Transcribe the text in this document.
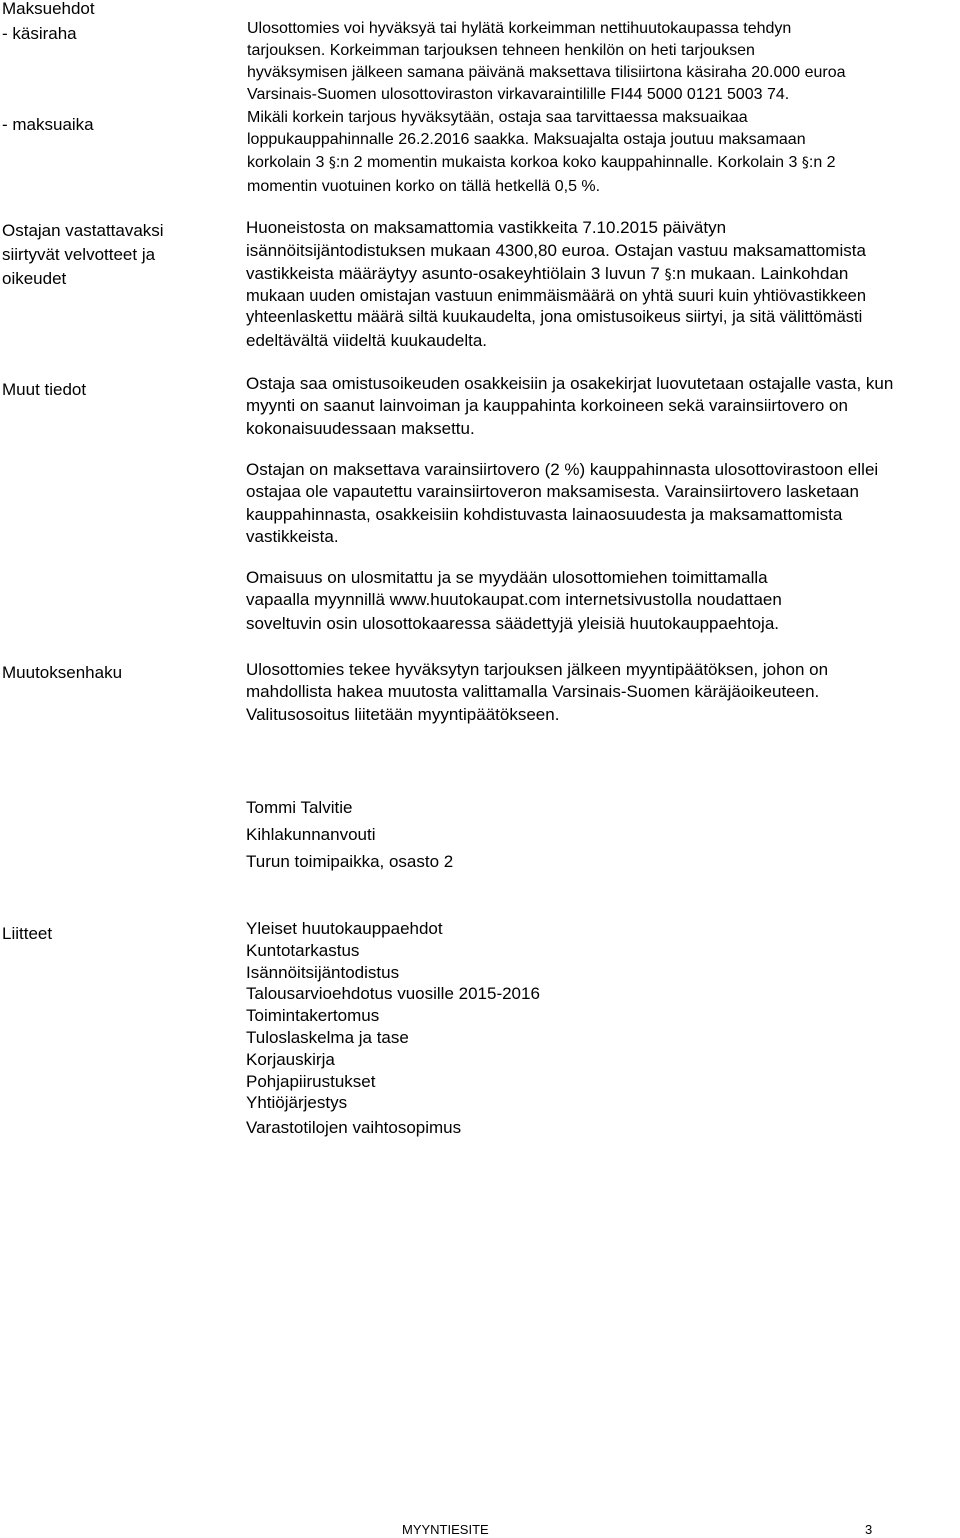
Maksuehdot
- käsiraha
- maksuaika
Ostajan vastattavaksi
siirtyvät velvotteet ja
oikeudet
Muut tiedot
Muutoksenhaku
Liitteet
Ulosottomies voi hyväksyä tai hylätä korkeimman nettihuutokaupassa tehdyn
tarjouksen. Korkeimman tarjouksen tehneen henkilön on heti tarjouksen
hyväksymisen jälkeen samana päivänä maksettava tilisiirtona käsiraha 20.000 euroa
Varsinais-Suomen ulosottoviraston virkavaraintilille FI44 5000 0121 5003 74.
Mikäli korkein tarjous hyväksytään, ostaja saa tarvittaessa maksuaikaa
loppukauppahinnalle 26.2.2016 saakka. Maksuajalta ostaja joutuu maksamaan
korkolain 3 §:n 2 momentin mukaista korkoa koko kauppahinnalle. Korkolain 3 §:n 2
momentin vuotuinen korko on tällä hetkellä 0,5 %.
Huoneistosta on maksamattomia vastikkeita 7.10.2015 päivätyn
isännöitsijäntodistuksen mukaan 4300,80 euroa. Ostajan vastuu maksamattomista
vastikkeista määräytyy asunto-osakeyhtiölain 3 luvun 7 §:n mukaan. Lainkohdan
mukaan uuden omistajan vastuun enimmäismäärä on yhtä suuri kuin yhtiövastikkeen
yhteenlaskettu määrä siltä kuukaudelta, jona omistusoikeus siirtyi, ja sitä välittömästi
edeltävältä viideltä kuukaudelta.
Ostaja saa omistusoikeuden osakkeisiin ja osakekirjat luovutetaan ostajalle vasta, kun
myynti on saanut lainvoiman ja kauppahinta korkoineen sekä varainsiirtovero on
kokonaisuudessaan maksettu.
Ostajan on maksettava varainsiirtovero (2 %) kauppahinnasta ulosottovirastoon ellei
ostajaa ole vapautettu varainsiirtoveron maksamisesta. Varainsiirtovero lasketaan
kauppahinnasta, osakkeisiin kohdistuvasta lainaosuudesta ja maksamattomista
vastikkeista.
Omaisuus on ulosmitattu ja se myydään ulosottomiehen toimittamalla
vapaalla myynnillä www.huutokaupat.com internetsivustolla noudattaen
soveltuvin osin ulosottokaaressa säädettyjä yleisiä huutokauppaehtoja.
Ulosottomies tekee hyväksytyn tarjouksen jälkeen myyntipäätöksen, johon on
mahdollista hakea muutosta valittamalla Varsinais-Suomen käräjäoikeuteen.
Valitusosoitus liitetään myyntipäätökseen.
Tommi Talvitie
Kihlakunnanvouti
Turun toimipaikka, osasto 2
Yleiset huutokauppaehdot
Kuntotarkastus
Isännöitsijäntodistus
Talousarvioehdotus vuosille 2015-2016
Toimintakertomus
Tuloslaskelma ja tase
Korjauskirja
Pohjapiirustukset
Yhtiöjärjestys
Varastotilojen vaihtosopimus
MYYNTIESITE	3
